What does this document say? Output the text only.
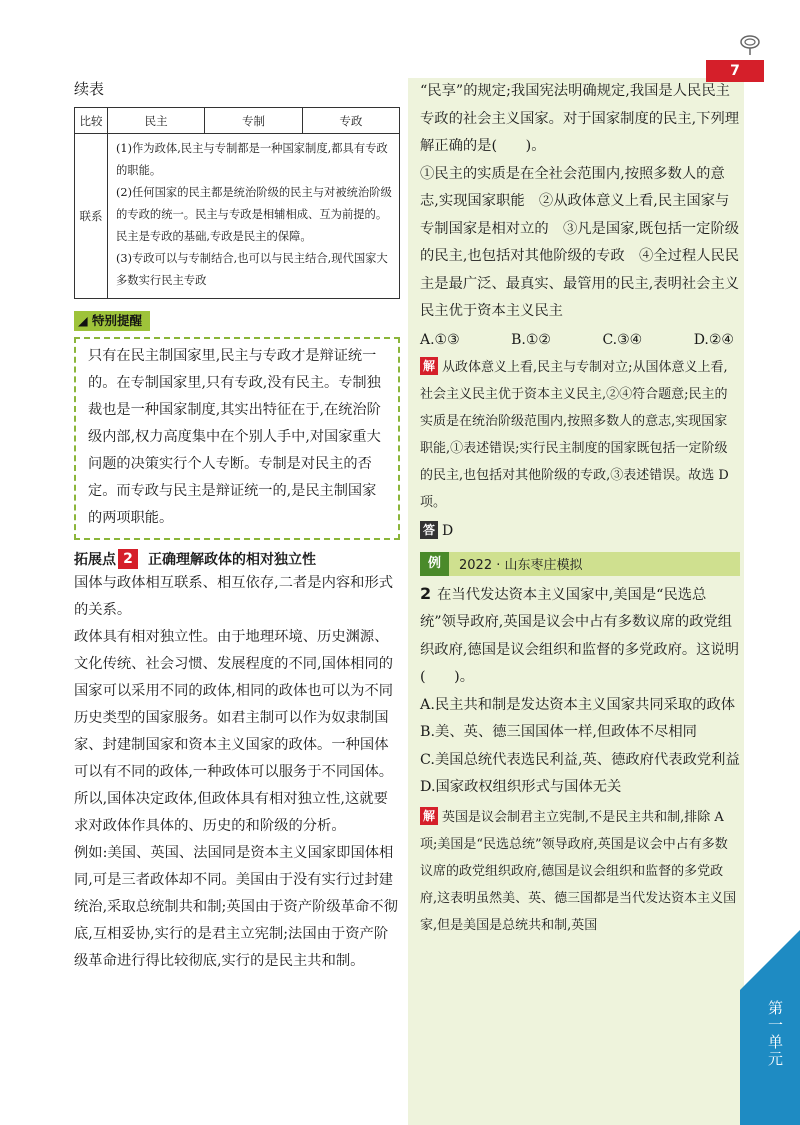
7
第一单元
续表
比较	民主	专制	专政
联系	(1)作为政体,民主与专制都是一种国家制度,都具有专政的职能。

(2)任何国家的民主都是统治阶级的民主与对被统治阶级的专政的统一。民主与专政是相辅相成、互为前提的。民主是专政的基础,专政是民主的保障。

(3)专政可以与专制结合,也可以与民主结合,现代国家大多数实行民主专政		

◢ 特别提醒
只有在民主制国家里,民主与专政才是辩证统一的。在专制国家里,只有专政,没有民主。专制独裁也是一种国家制度,其实出特征在于,在统治阶级内部,权力高度集中在个别人手中,对国家重大问题的决策实行个人专断。专制是对民主的否定。而专政与民主是辩证统一的,是民主制国家的两项职能。
拓展点 2	正确理解政体的相对独立性

国体与政体相互联系、相互依存,二者是内容和形式的关系。

政体具有相对独立性。由于地理环境、历史渊源、文化传统、社会习惯、发展程度的不同,国体相同的国家可以采用不同的政体,相同的政体也可以为不同历史类型的国家服务。如君主制可以作为奴隶制国家、封建制国家和资本主义国家的政体。一种国体可以有不同的政体,一种政体可以服务于不同国体。所以,国体决定政体,但政体具有相对独立性,这就要求对政体作具体的、历史的和阶级的分析。

例如:美国、英国、法国同是资本主义国家即国体相同,可是三者政体却不同。美国由于没有实行过封建统治,采取总统制共和制;英国由于资产阶级革命不彻底,互相妥协,实行的是君主立宪制;法国由于资产阶级革命进行得比较彻底,实行的是民主共和制。

“民享”的规定;我国宪法明确规定,我国是人民民主专政的社会主义国家。对于国家制度的民主,下列理解正确的是(　　)。
①民主的实质是在全社会范围内,按照多数人的意志,实现国家职能　②从政体意义上看,民主国家与专制国家是相对立的　③凡是国家,既包括一定阶级的民主,也包括对其他阶级的专政　④全过程人民民主是最广泛、最真实、最管用的民主,表明社会主义民主优于资本主义民主
A.①③	B.①②	C.③④	D.②④
解 从政体意义上看,民主与专制对立;从国体意义上看,社会主义民主优于资本主义民主,②④符合题意;民主的实质是在统治阶级范围内,按照多数人的意志,实现国家职能,①表述错误;实行民主制度的国家既包括一定阶级的民主,也包括对其他阶级的专政,③表述错误。故选 D 项。
答 D
例	2022 · 山东枣庄模拟
2 在当代发达资本主义国家中,美国是“民选总统”领导政府,英国是议会中占有多数议席的政党组织政府,德国是议会组织和监督的多党政府。这说明(　　)。
A.民主共和制是发达资本主义国家共同采取的政体
B.美、英、德三国国体一样,但政体不尽相同
C.美国总统代表选民利益,英、德政府代表政党利益
D.国家政权组织形式与国体无关
解 英国是议会制君主立宪制,不是民主共和制,排除 A 项;美国是“民选总统”领导政府,英国是议会中占有多数议席的政党组织政府,德国是议会组织和监督的多党政府,这表明虽然美、英、德三国都是当代发达资本主义国家,但是美国是总统共和制,英国
